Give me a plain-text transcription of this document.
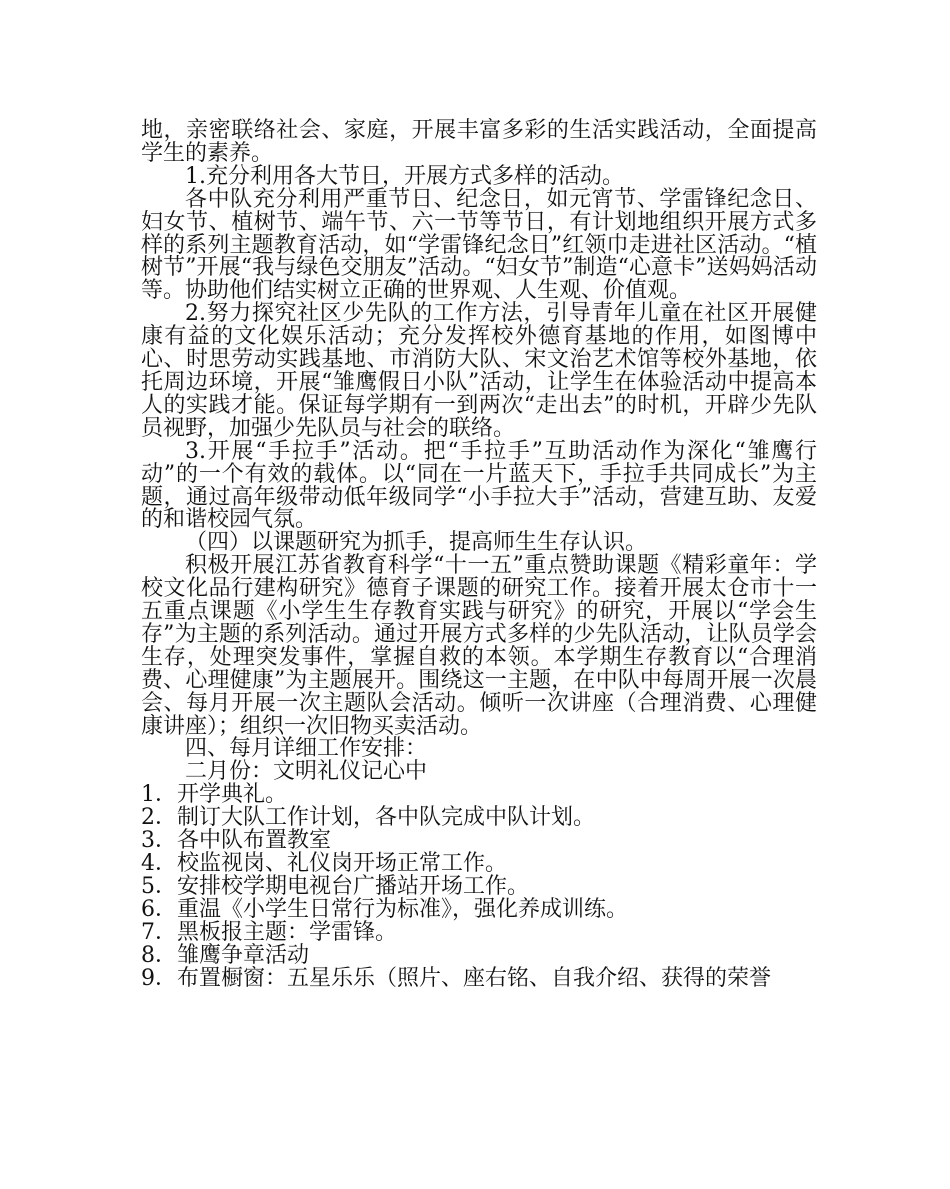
地，亲密联络社会、家庭，开展丰富多彩的生活实践活动，全面提高学生的素养。

1.充分利用各大节日，开展方式多样的活动。

各中队充分利用严重节日、纪念日，如元宵节、学雷锋纪念日、妇女节、植树节、端午节、六一节等节日，有计划地组织开展方式多样的系列主题教育活动，如“学雷锋纪念日”红领巾走进社区活动。“植树节”开展“我与绿色交朋友”活动。“妇女节”制造“心意卡”送妈妈活动等。协助他们结实树立正确的世界观、人生观、价值观。

2.努力探究社区少先队的工作方法，引导青年儿童在社区开展健康有益的文化娱乐活动；充分发挥校外德育基地的作用，如图博中心、时思劳动实践基地、市消防大队、宋文治艺术馆等校外基地，依托周边环境，开展“雏鹰假日小队”活动，让学生在体验活动中提高本人的实践才能。保证每学期有一到两次“走出去”的时机，开辟少先队员视野，加强少先队员与社会的联络。

3.开展“手拉手”活动。把“手拉手”互助活动作为深化“雏鹰行动”的一个有效的载体。以“同在一片蓝天下，手拉手共同成长”为主题，通过高年级带动低年级同学“小手拉大手”活动，营建互助、友爱的和谐校园气氛。

（四）以课题研究为抓手，提高师生生存认识。

积极开展江苏省教育科学“十一五”重点赞助课题《精彩童年：学校文化品行建构研究》德育子课题的研究工作。接着开展太仓市十一五重点课题《小学生生存教育实践与研究》的研究，开展以“学会生存”为主题的系列活动。通过开展方式多样的少先队活动，让队员学会生存，处理突发事件，掌握自救的本领。本学期生存教育以“合理消费、心理健康”为主题展开。围绕这一主题，在中队中每周开展一次晨会、每月开展一次主题队会活动。倾听一次讲座（合理消费、心理健康讲座）；组织一次旧物买卖活动。

四、每月详细工作安排：

二月份：文明礼仪记心中

1．开学典礼。

2．制订大队工作计划，各中队完成中队计划。

3．各中队布置教室

4．校监视岗、礼仪岗开场正常工作。

5．安排校学期电视台广播站开场工作。

6．重温《小学生日常行为标准》，强化养成训练。

7．黑板报主题：学雷锋。

8．雏鹰争章活动

9．布置橱窗：五星乐乐（照片、座右铭、自我介绍、获得的荣誉
